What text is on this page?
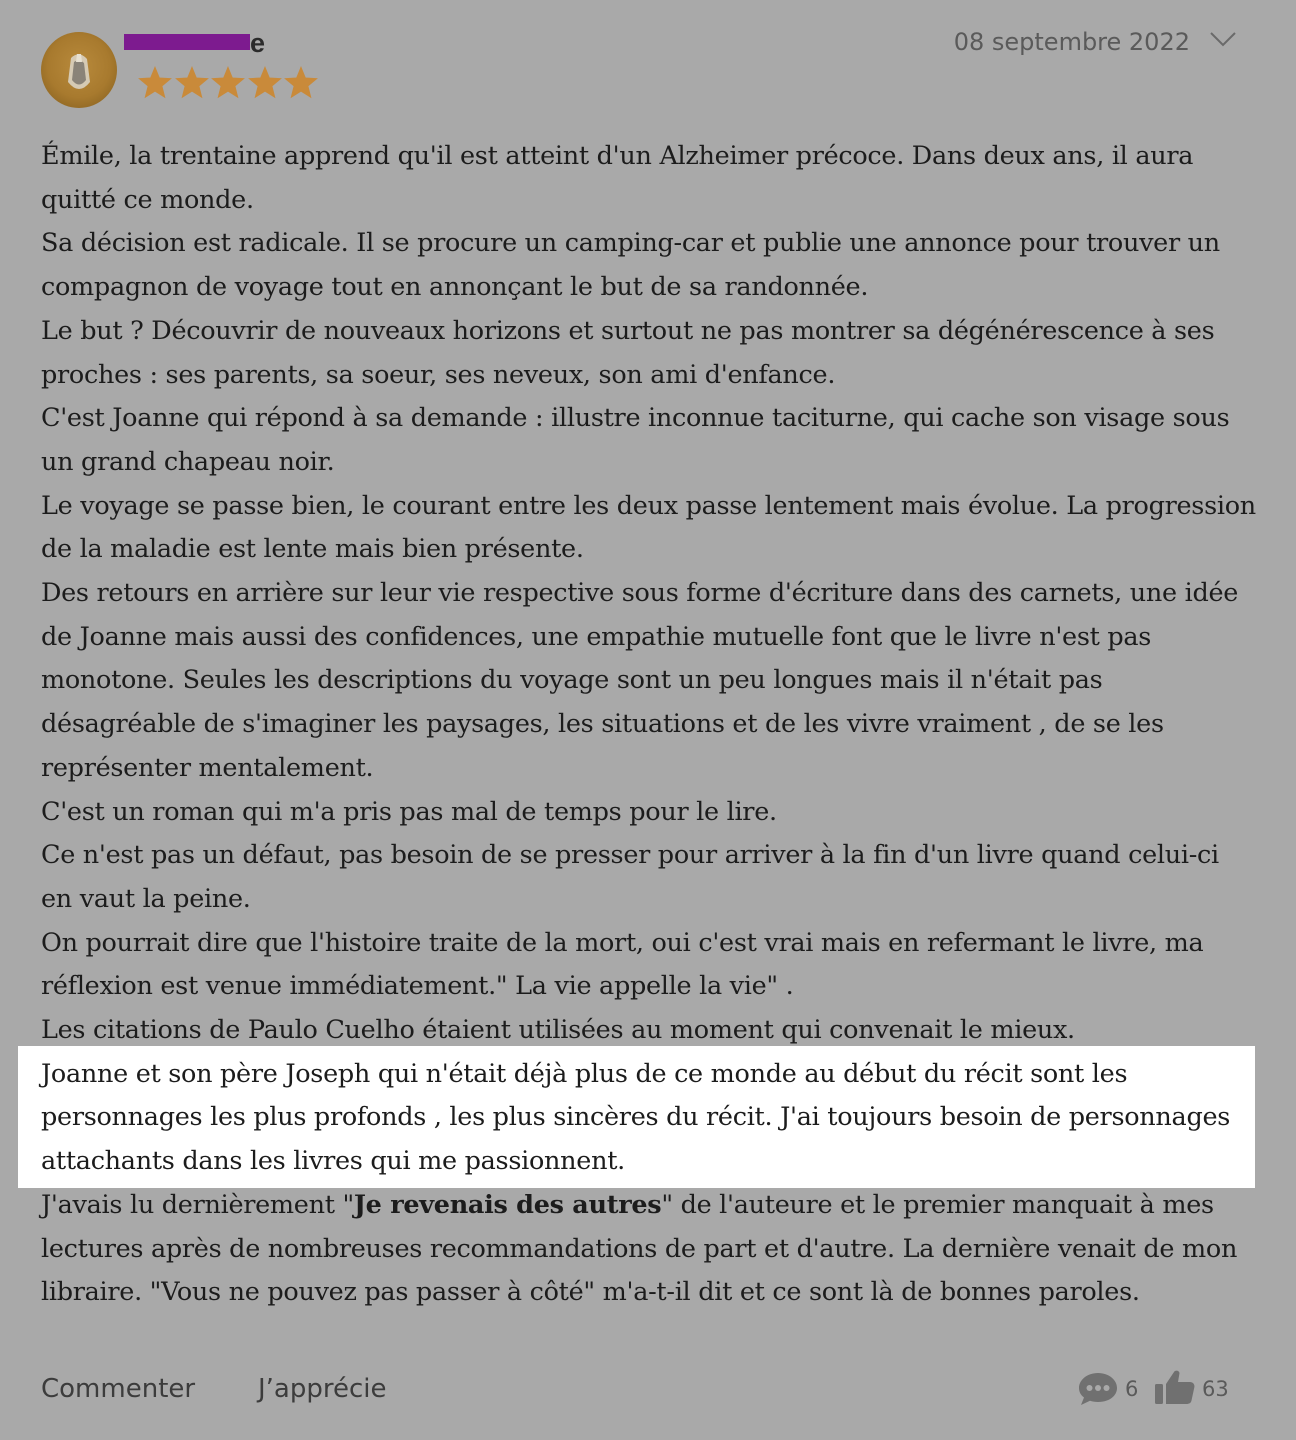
e	08 septembre 2022

Émile, la trentaine apprend qu'il est atteint d'un Alzheimer précoce. Dans deux ans, il aura quitté ce monde.

Sa décision est radicale. Il se procure un camping-car et publie une annonce pour trouver un compagnon de voyage tout en annonçant le but de sa randonnée.

Le but ? Découvrir de nouveaux horizons et surtout ne pas montrer sa dégénérescence à ses proches : ses parents, sa soeur, ses neveux, son ami d'enfance.

C'est Joanne qui répond à sa demande : illustre inconnue taciturne, qui cache son visage sous un grand chapeau noir.

Le voyage se passe bien, le courant entre les deux passe lentement mais évolue. La progression de la maladie est lente mais bien présente.

Des retours en arrière sur leur vie respective sous forme d'écriture dans des carnets, une idée de Joanne mais aussi des confidences, une empathie mutuelle font que le livre n'est pas monotone. Seules les descriptions du voyage sont un peu longues mais il n'était pas désagréable de s'imaginer les paysages, les situations et de les vivre vraiment , de se les représenter mentalement.

C'est un roman qui m'a pris pas mal de temps pour le lire.

Ce n'est pas un défaut, pas besoin de se presser pour arriver à la fin d'un livre quand celui-ci en vaut la peine.

On pourrait dire que l'histoire traite de la mort, oui c'est vrai mais en refermant le livre, ma réflexion est venue immédiatement." La vie appelle la vie" .

Les citations de Paulo Cuelho étaient utilisées au moment qui convenait le mieux.

Joanne et son père Joseph qui n'était déjà plus de ce monde au début du récit sont les personnages les plus profonds , les plus sincères du récit. J'ai toujours besoin de personnages attachants dans les livres qui me passionnent.

J'avais lu dernièrement "Je revenais des autres" de l'auteure et le premier manquait à mes lectures après de nombreuses recommandations de part et d'autre. La dernière venait de mon libraire. "Vous ne pouvez pas passer à côté" m'a-t-il dit et ce sont là de bonnes paroles.

Commenter J’apprécie	6	63
